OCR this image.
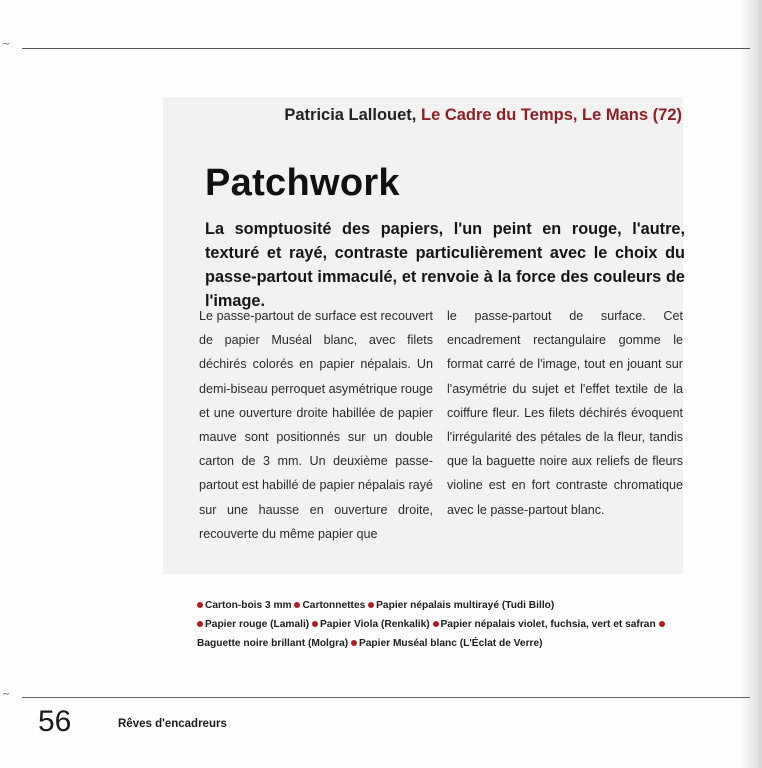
~
Patricia Lallouet, Le Cadre du Temps, Le Mans (72)
Patchwork
La somptuosité des papiers, l'un peint en rouge, l'autre, texturé et rayé, contraste particulièrement avec le choix du passe-partout immaculé, et renvoie à la force des couleurs de l'image.

Le passe-partout de surface est recouvert de papier Muséal blanc, avec filets déchirés colorés en papier népalais. Un demi-biseau perroquet asymétrique rouge et une ouverture droite habillée de papier mauve sont positionnés sur un double carton de 3 mm. Un deuxième passe-partout est habillé de papier népalais rayé sur une hausse en ouverture droite, recouverte du même papier que

le passe-partout de surface. Cet encadrement rectangulaire gomme le format carré de l'image, tout en jouant sur l'asymétrie du sujet et l'effet textile de la coiffure fleur. Les filets déchirés évoquent l'irrégularité des pétales de la fleur, tandis que la baguette noire aux reliefs de fleurs violine est en fort contraste chromatique avec le passe-partout blanc.

Carton-bois 3 mm Cartonnettes Papier népalais multirayé (Tudi Billo)
Papier rouge (Lamali) Papier Viola (Renkalik) Papier népalais violet, fuchsia, vert et safran Baguette noire brillant (Molgra) Papier Muséal blanc (L'Éclat de Verre)
~
56	Rêves d'encadreurs
